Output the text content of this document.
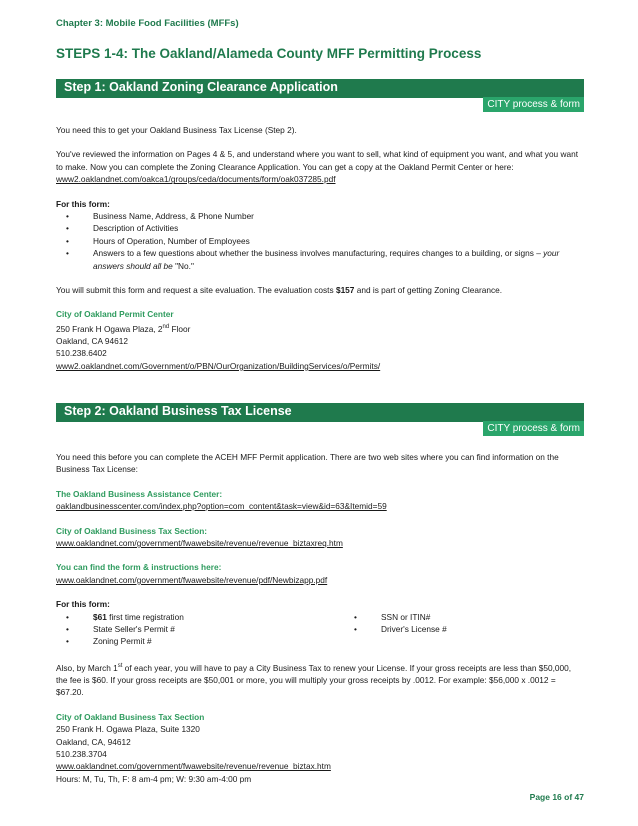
Chapter 3: Mobile Food Facilities (MFFs)
STEPS 1-4: The Oakland/Alameda County MFF Permitting Process
Step 1: Oakland Zoning Clearance Application
CITY process & form

You need this to get your Oakland Business Tax License (Step 2).

You've reviewed the information on Pages 4 & 5, and understand where you want to sell, what kind of equipment you want, and what you want to make. Now you can complete the Zoning Clearance Application. You can get a copy at the Oakland Permit Center or here: www2.oaklandnet.com/oakca1/groups/ceda/documents/form/oak037285.pdf

For this form:

• Business Name, Address, & Phone Number

• Description of Activities

• Hours of Operation, Number of Employees

• Answers to a few questions about whether the business involves manufacturing, requires changes to a building, or signs – your answers should all be "No."

You will submit this form and request a site evaluation. The evaluation costs $157 and is part of getting Zoning Clearance.

City of Oakland Permit Center

250 Frank H Ogawa Plaza, 2nd Floor

Oakland, CA 94612

510.238.6402

www2.oaklandnet.com/Government/o/PBN/OurOrganization/BuildingServices/o/Permits/

Step 2: Oakland Business Tax License
CITY process & form

You need this before you can complete the ACEH MFF Permit application. There are two web sites where you can find information on the Business Tax License:

The Oakland Business Assistance Center:

oaklandbusinesscenter.com/index.php?option=com_content&task=view&id=63&Itemid=59

City of Oakland Business Tax Section:

www.oaklandnet.com/government/fwawebsite/revenue/revenue_biztaxreq.htm

You can find the form & instructions here:

www.oaklandnet.com/government/fwawebsite/revenue/pdf/Newbizapp.pdf

For this form:

• $61 first time registration

• State Seller's Permit #

• Zoning Permit #

• SSN or ITIN#

• Driver's License #

Also, by March 1st of each year, you will have to pay a City Business Tax to renew your License. If your gross receipts are less than $50,000, the fee is $60. If your gross receipts are $50,001 or more, you will multiply your gross receipts by .0012. For example: $56,000 x .0012 = $67.20.

City of Oakland Business Tax Section

250 Frank H. Ogawa Plaza, Suite 1320

Oakland, CA, 94612

510.238.3704

www.oaklandnet.com/government/fwawebsite/revenue/revenue_biztax.htm

Hours: M, Tu, Th, F: 8 am-4 pm; W: 9:30 am-4:00 pm

Page 16 of 47
